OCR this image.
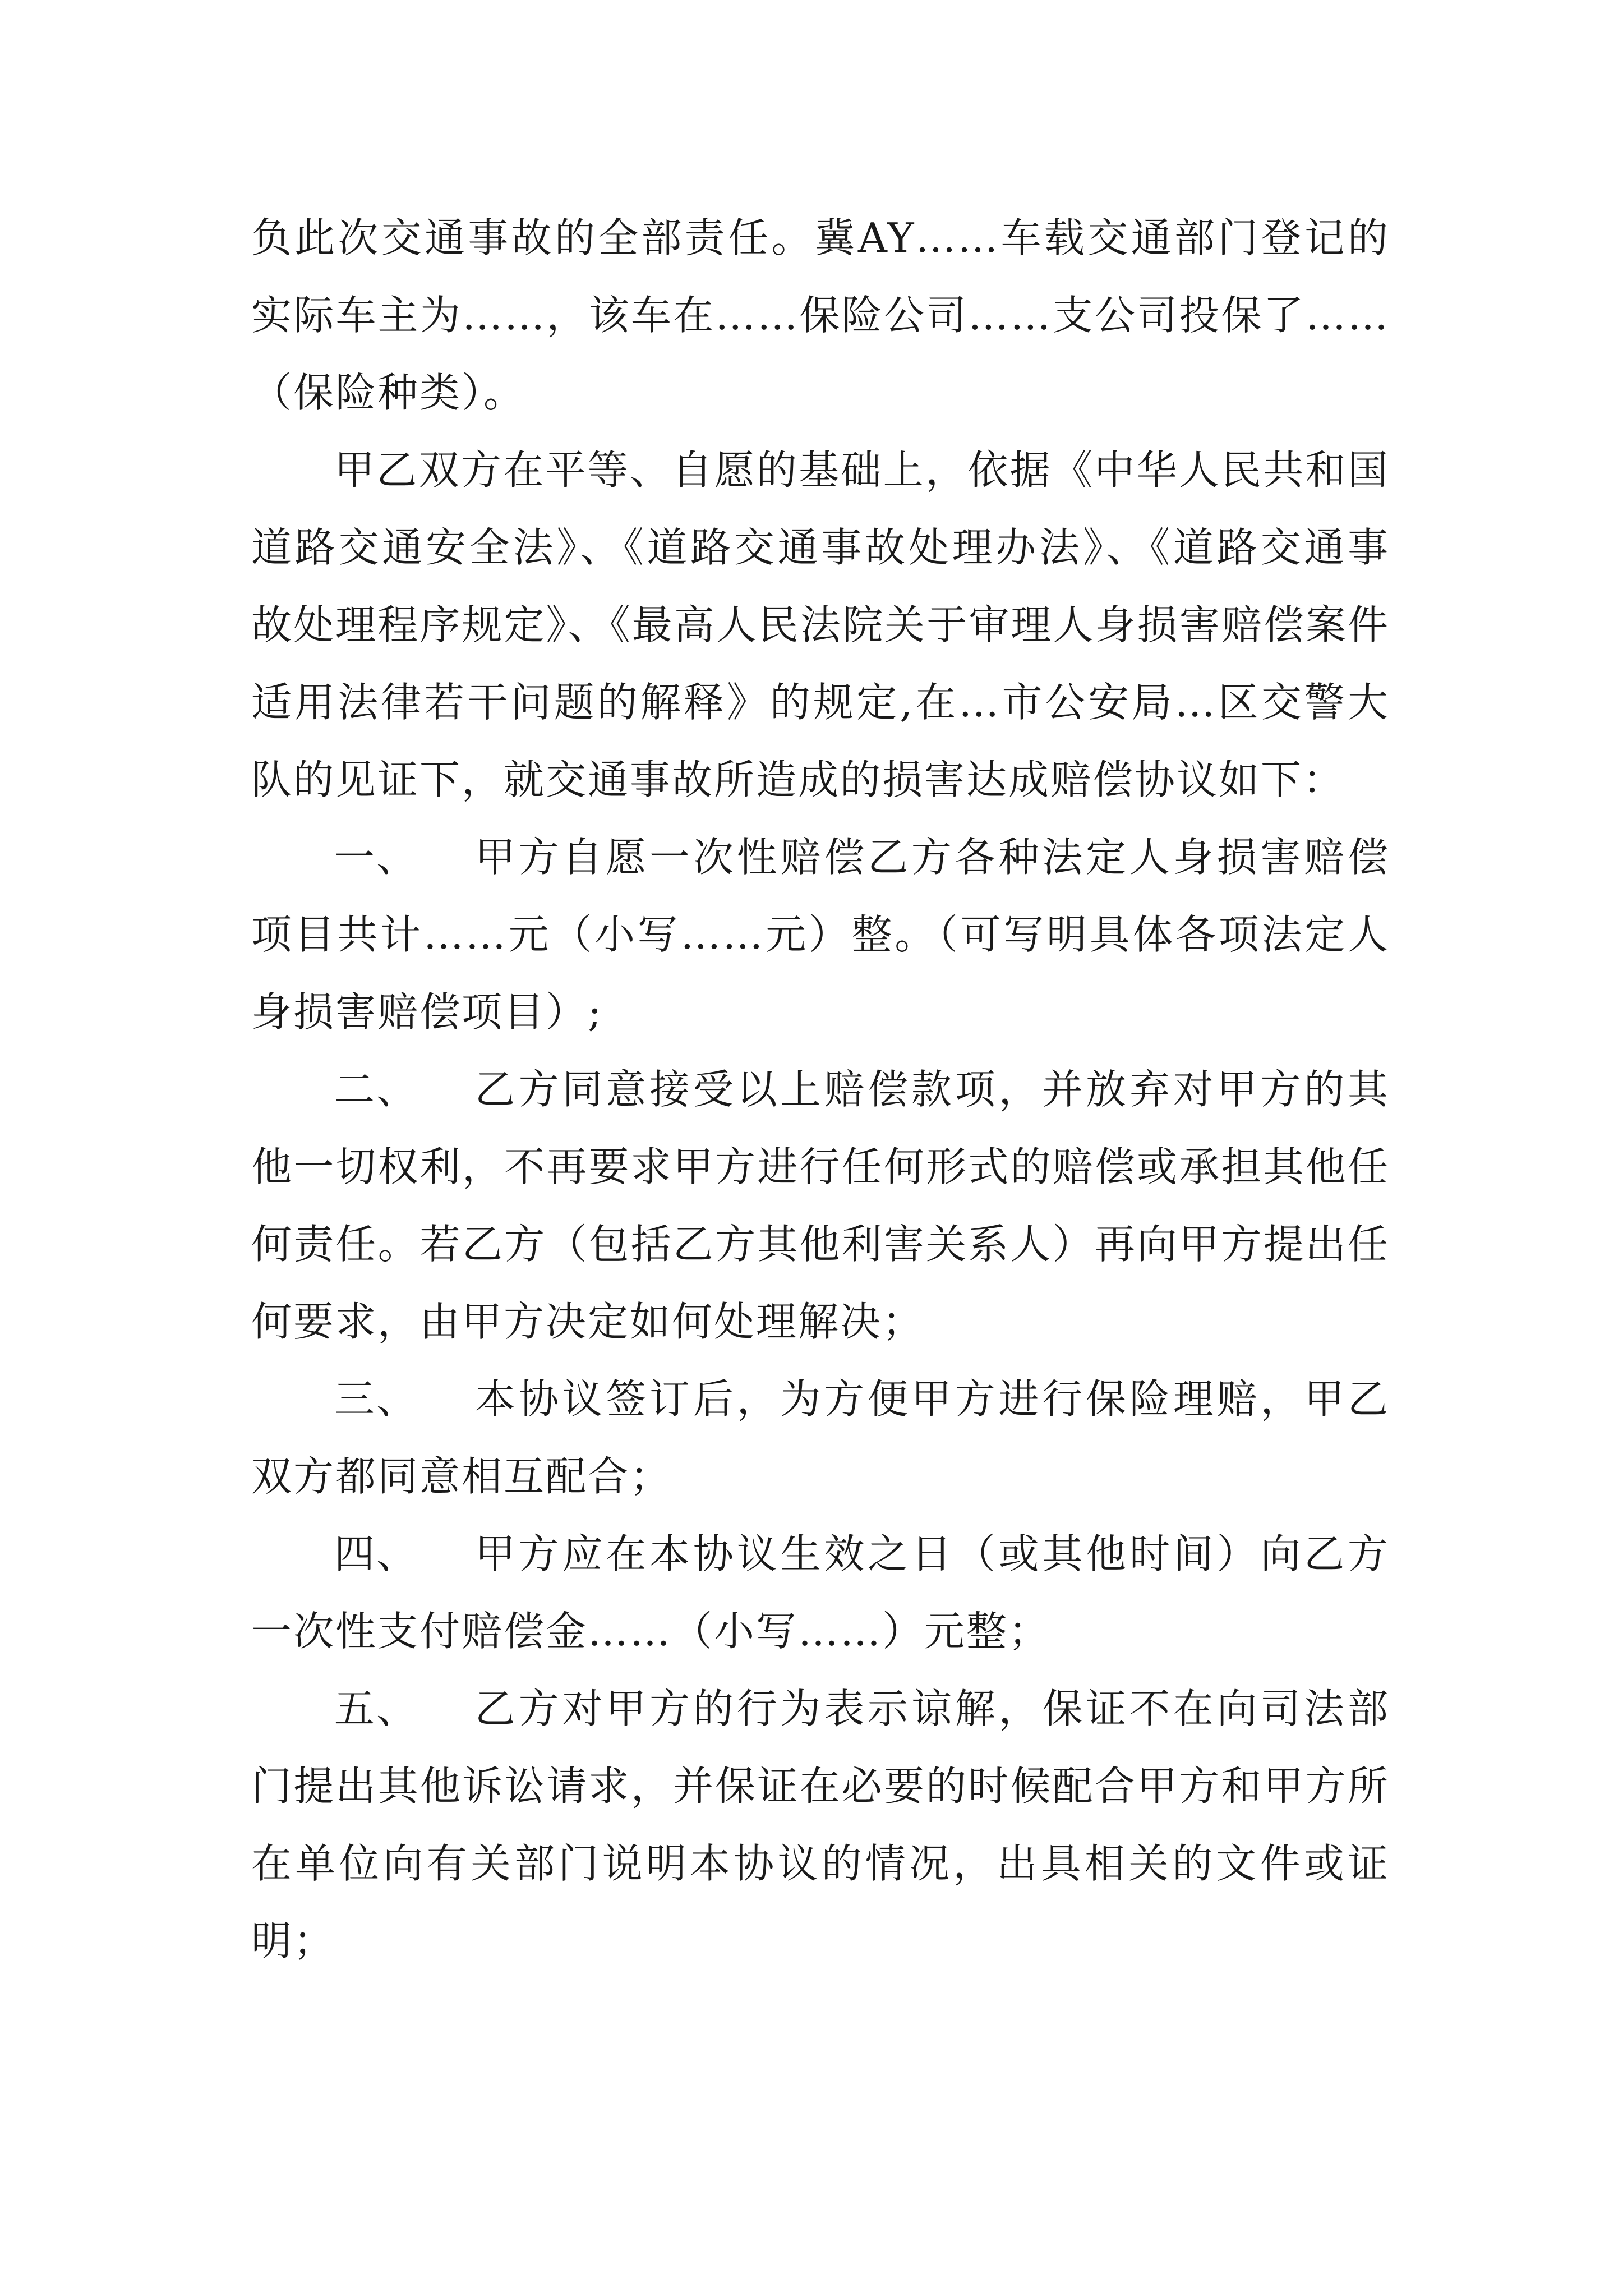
负此次交通事故的全部责任。冀AY……车载交通部门登记的实际车主为……，该车在……保险公司……支公司投保了……（保险种类）。

甲乙双方在平等、自愿的基础上，依据《中华人民共和国道路交通安全法》、《道路交通事故处理办法》、《道路交通事故处理程序规定》、《最高人民法院关于审理人身损害赔偿案件适用法律若干问题的解释》的规定,在…市公安局…区交警大队的见证下，就交通事故所造成的损害达成赔偿协议如下：

一、 甲方自愿一次性赔偿乙方各种法定人身损害赔偿项目共计……元（小写……元）整。（可写明具体各项法定人身损害赔偿项目）;

二、 乙方同意接受以上赔偿款项，并放弃对甲方的其他一切权利，不再要求甲方进行任何形式的赔偿或承担其他任何责任。若乙方（包括乙方其他利害关系人）再向甲方提出任何要求，由甲方决定如何处理解决；

三、 本协议签订后，为方便甲方进行保险理赔，甲乙双方都同意相互配合；

四、 甲方应在本协议生效之日（或其他时间）向乙方一次性支付赔偿金……（小写……）元整；

五、 乙方对甲方的行为表示谅解，保证不在向司法部门提出其他诉讼请求，并保证在必要的时候配合甲方和甲方所在单位向有关部门说明本协议的情况，出具相关的文件或证明；
